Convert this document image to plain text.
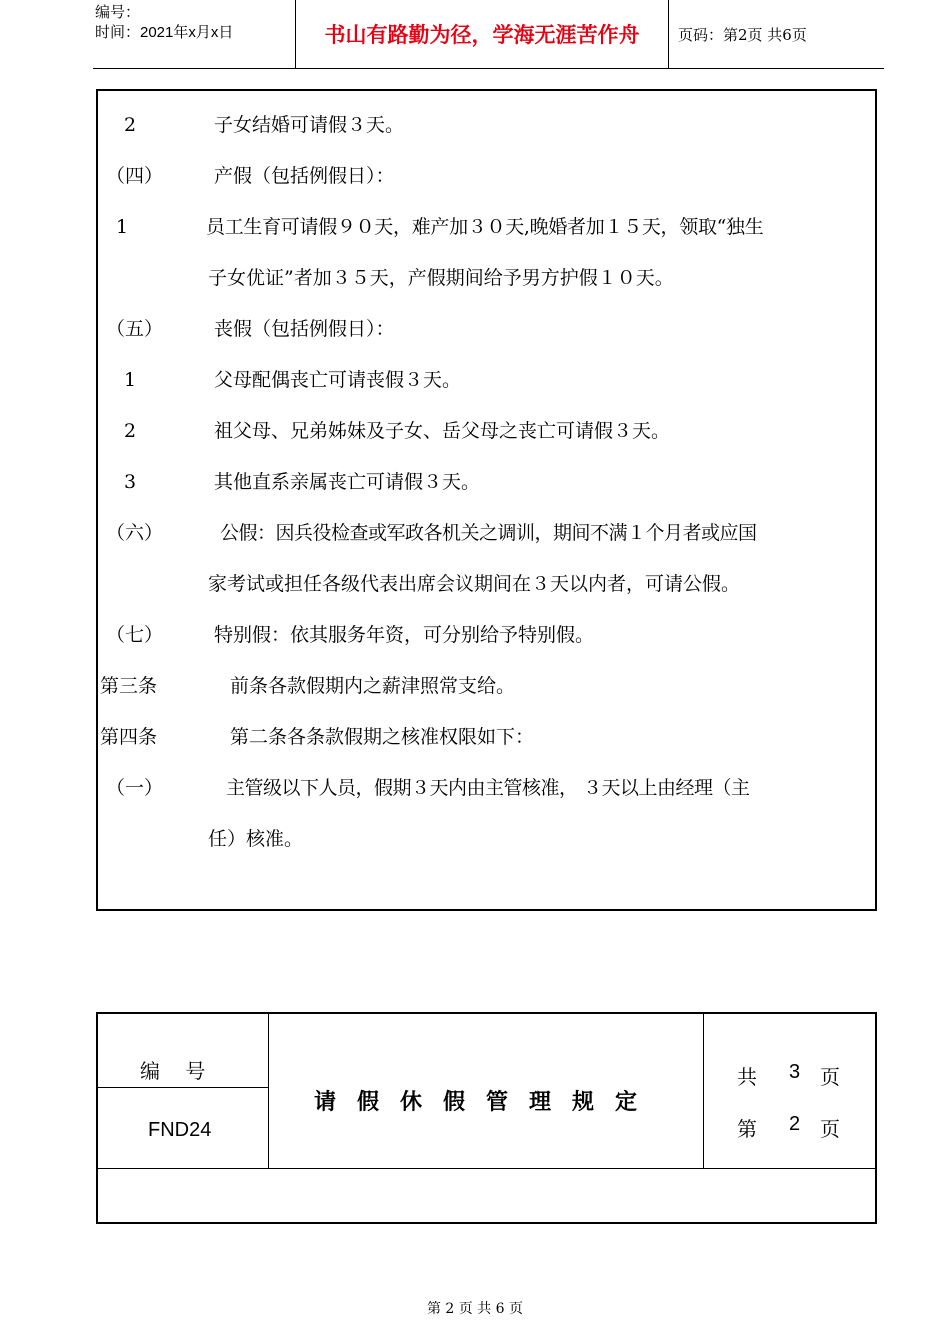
编号：
时间：2021年x月x日	书山有路勤为径，学海无涯苦作舟	页码：第2页 共6页
2	子女结婚可请假３天。
（四）	产假（包括例假日）：
1	员工生育可请假９０天，难产加３０天,晚婚者加１５天，领取“独生
子女优证”者加３５天，产假期间给予男方护假１０天。
（五）	丧假（包括例假日）：
1	父母配偶丧亡可请丧假３天。
2	祖父母、兄弟姊妹及子女、岳父母之丧亡可请假３天。
3	其他直系亲属丧亡可请假３天。
（六）	公假：因兵役检查或军政各机关之调训，期间不满１个月者或应国
家考试或担任各级代表出席会议期间在３天以内者，可请公假。
（七）	特别假：依其服务年资，可分别给予特别假。
第三条	前条各款假期内之薪津照常支给。
第四条	第二条各条款假期之核准权限如下：
（一）	主管级以下人员，假期３天内由主管核准， ３天以上由经理（主
任）核准。
编    号
FND24
请假休假管理规定
共 3 页
第 2 页
第 2 页 共 6 页
